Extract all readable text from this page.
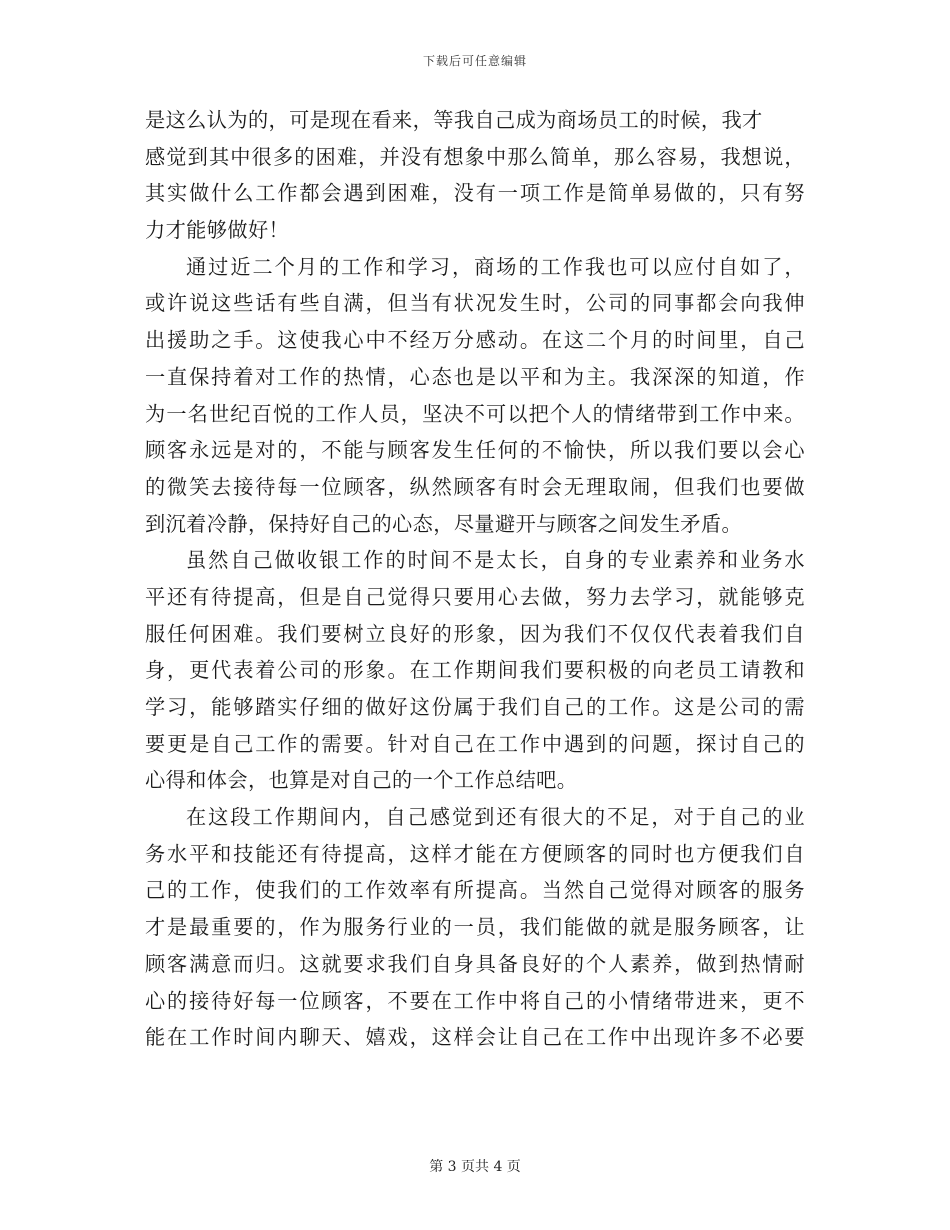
下载后可任意编辑
是这么认为的，可是现在看来，等我自己成为商场员工的时候，我才
感觉到其中很多的困难，并没有想象中那么简单，那么容易，我想说，
其实做什么工作都会遇到困难，没有一项工作是简单易做的，只有努
力才能够做好！
通过近二个月的工作和学习，商场的工作我也可以应付自如了，
或许说这些话有些自满，但当有状况发生时，公司的同事都会向我伸
出援助之手。这使我心中不经万分感动。在这二个月的时间里，自己
一直保持着对工作的热情，心态也是以平和为主。我深深的知道，作
为一名世纪百悦的工作人员，坚决不可以把个人的情绪带到工作中来。
顾客永远是对的，不能与顾客发生任何的不愉快，所以我们要以会心
的微笑去接待每一位顾客，纵然顾客有时会无理取闹，但我们也要做
到沉着冷静，保持好自己的心态，尽量避开与顾客之间发生矛盾。
虽然自己做收银工作的时间不是太长，自身的专业素养和业务水
平还有待提高，但是自己觉得只要用心去做，努力去学习，就能够克
服任何困难。我们要树立良好的形象，因为我们不仅仅代表着我们自
身，更代表着公司的形象。在工作期间我们要积极的向老员工请教和
学习，能够踏实仔细的做好这份属于我们自己的工作。这是公司的需
要更是自己工作的需要。针对自己在工作中遇到的问题，探讨自己的
心得和体会，也算是对自己的一个工作总结吧。
在这段工作期间内，自己感觉到还有很大的不足，对于自己的业
务水平和技能还有待提高，这样才能在方便顾客的同时也方便我们自
己的工作，使我们的工作效率有所提高。当然自己觉得对顾客的服务
才是最重要的，作为服务行业的一员，我们能做的就是服务顾客，让
顾客满意而归。这就要求我们自身具备良好的个人素养，做到热情耐
心的接待好每一位顾客，不要在工作中将自己的小情绪带进来，更不
能在工作时间内聊天、嬉戏，这样会让自己在工作中出现许多不必要
第 3 页共 4 页
